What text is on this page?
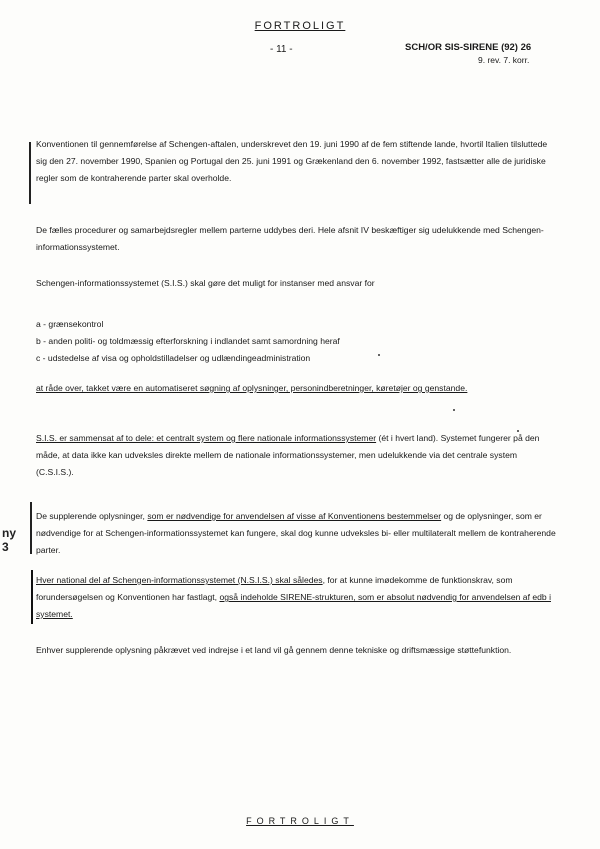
FORTROLIGT
- 11 -	SCH/OR SIS-SIRENE (92) 26
9. rev. 7. korr.

Konventionen til gennemførelse af Schengen-aftalen, underskrevet den 19. juni 1990 af de fem stiftende lande, hvortil Italien tilsluttede sig den 27. november 1990, Spanien og Portugal den 25. juni 1991 og Grækenland den 6. november 1992, fastsætter alle de juridiske regler som de kontraherende parter skal overholde.

De fælles procedurer og samarbejdsregler mellem parterne uddybes deri. Hele afsnit IV beskæftiger sig udelukkende med Schengen-informationssystemet.

Schengen-informationssystemet (S.I.S.) skal gøre det muligt for instanser med ansvar for

a - grænsekontrol
b - anden politi- og toldmæssig efterforskning i indlandet samt samordning heraf
c - udstedelse af visa og opholdstilladelser og udlændingeadministration

at råde over, takket være en automatiseret søgning af oplysninger, personindberetninger, køretøjer og genstande.

S.I.S. er sammensat af to dele: et centralt system og flere nationale informationssystemer (ét i hvert land). Systemet fungerer på den måde, at data ikke kan udveksles direkte mellem de nationale informationssystemer, men udelukkende via det centrale system (C.S.I.S.).

ny
3

De supplerende oplysninger, som er nødvendige for anvendelsen af visse af Konventionens bestemmelser og de oplysninger, som er nødvendige for at Schengen-informationssystemet kan fungere, skal dog kunne udveksles bi- eller multilateralt mellem de kontraherende parter.

Hver national del af Schengen-informationssystemet (N.S.I.S.) skal således, for at kunne imødekomme de funktionskrav, som forundersøgelsen og Konventionen har fastlagt, også indeholde SIRENE-strukturen, som er absolut nødvendig for anvendelsen af edb i systemet.

Enhver supplerende oplysning påkrævet ved indrejse i et land vil gå gennem denne tekniske og driftsmæssige støttefunktion.

FORTROLIGT
